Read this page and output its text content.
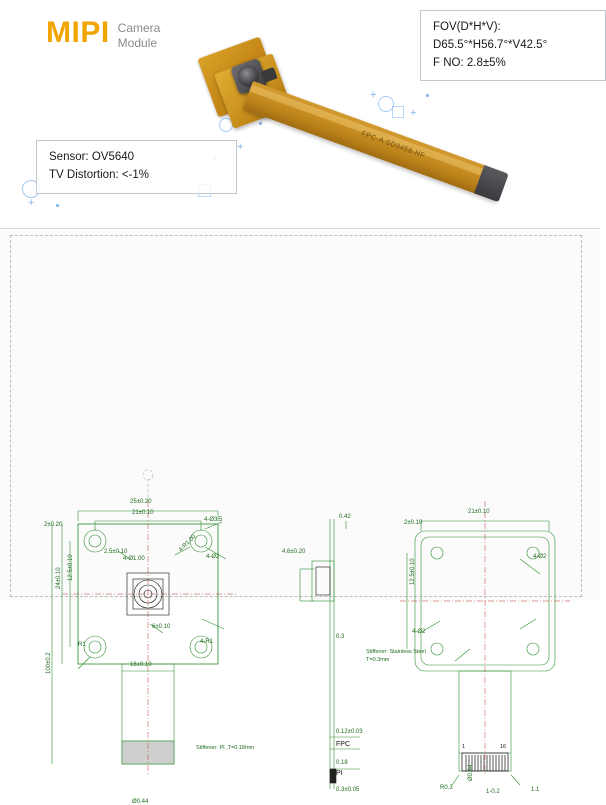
MIPI Camera
Module
+
+
+
+
FPC-A SD9458-HF
FOV(D*H*V):
D65.5°*H56.7°*V42.5°
F NO: 2.8±5%
Sensor: OV5640
TV Distortion: <-1%
25±0.20
21±0.10
2±0.20
4-Ø3.5
4-Ø2
12.5±0.10
24±0.10
16±0.10
100±0.2
4-R1
R1
6±0.10
2.5±0.10
4-Ø1.00
4-R1.00
Stiffener: PI ,T=0.18mm
Ø0.44
0.42
4.6±0.20
0.3
0.12±0.03
FPC
0.18
PI
0.3±0.05
21±0.10
2±0.10
4-Ø2
12.5±0.10
4-Ø2
Stiffener: Stainless Steel
T=0.3mm
R0.3
1-0.2	1.1
Ø0.44
1	16
